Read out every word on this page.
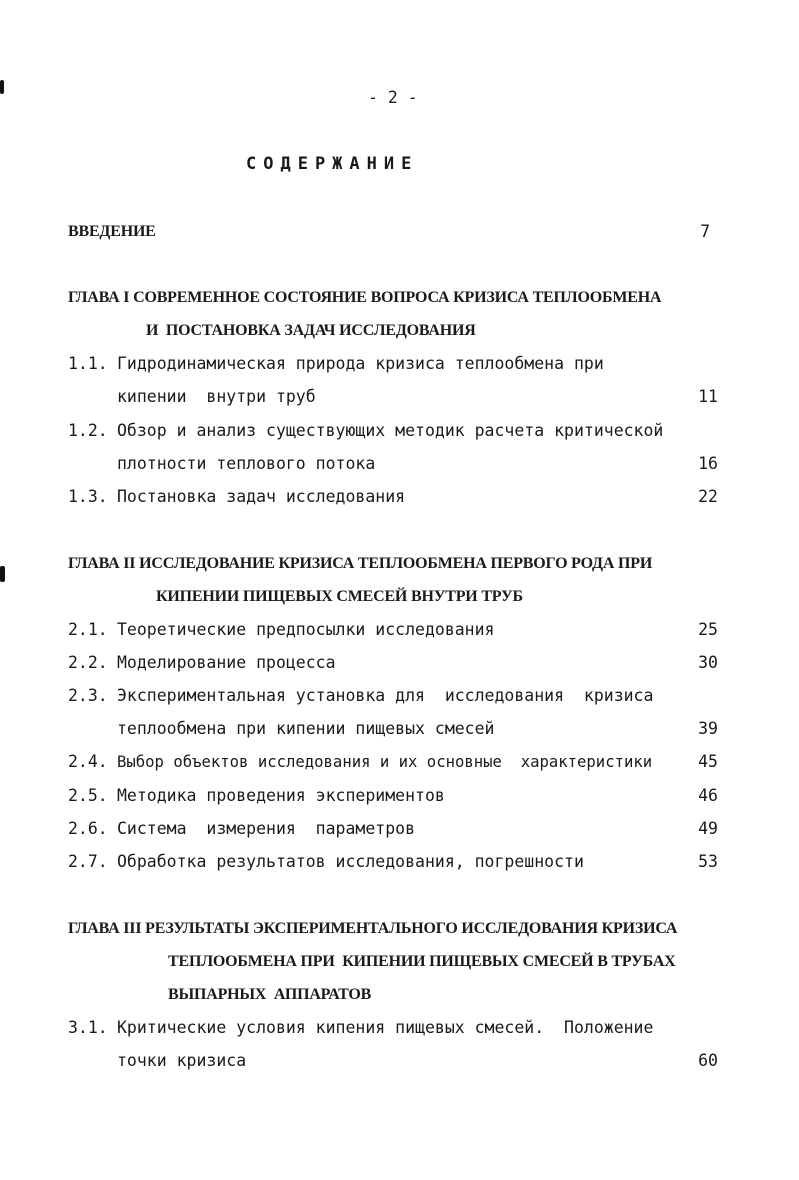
- 2 -
СОДЕРЖАНИЕ
ВВЕДЕНИЕ	7
ГЛАВА I СОВРЕМЕННОЕ СОСТОЯНИЕ ВОПРОСА КРИЗИСА ТЕПЛООБМЕНА
И  ПОСТАНОВКА ЗАДАЧ ИССЛЕДОВАНИЯ
1.1. Гидродинамическая природа кризиса теплообмена при
кипении  внутри труб	11
1.2. Обзор и анализ существующих методик расчета критической
плотности теплового потока	16
1.3. Постановка задач исследования	22
ГЛАВА II ИССЛЕДОВАНИЕ КРИЗИСА ТЕПЛООБМЕНА ПЕРВОГО РОДА ПРИ
КИПЕНИИ ПИЩЕВЫХ СМЕСЕЙ ВНУТРИ ТРУБ
2.1. Теоретические предпосылки исследования	25
2.2. Моделирование процесса	30
2.3. Экспериментальная установка для  исследования  кризиса
теплообмена при кипении пищевых смесей	39
2.4. Выбор объектов исследования и их основные  характеристики	45
2.5. Методика проведения экспериментов	46
2.6. Система  измерения  параметров	49
2.7. Обработка результатов исследования, погрешности	53
ГЛАВА III РЕЗУЛЬТАТЫ ЭКСПЕРИМЕНТАЛЬНОГО ИССЛЕДОВАНИЯ КРИЗИСА
ТЕПЛООБМЕНА ПРИ  КИПЕНИИ ПИЩЕВЫХ СМЕСЕЙ В ТРУБАХ
ВЫПАРНЫХ  АППАРАТОВ
3.1. Критические условия кипения пищевых смесей.  Положение
точки кризиса	60
